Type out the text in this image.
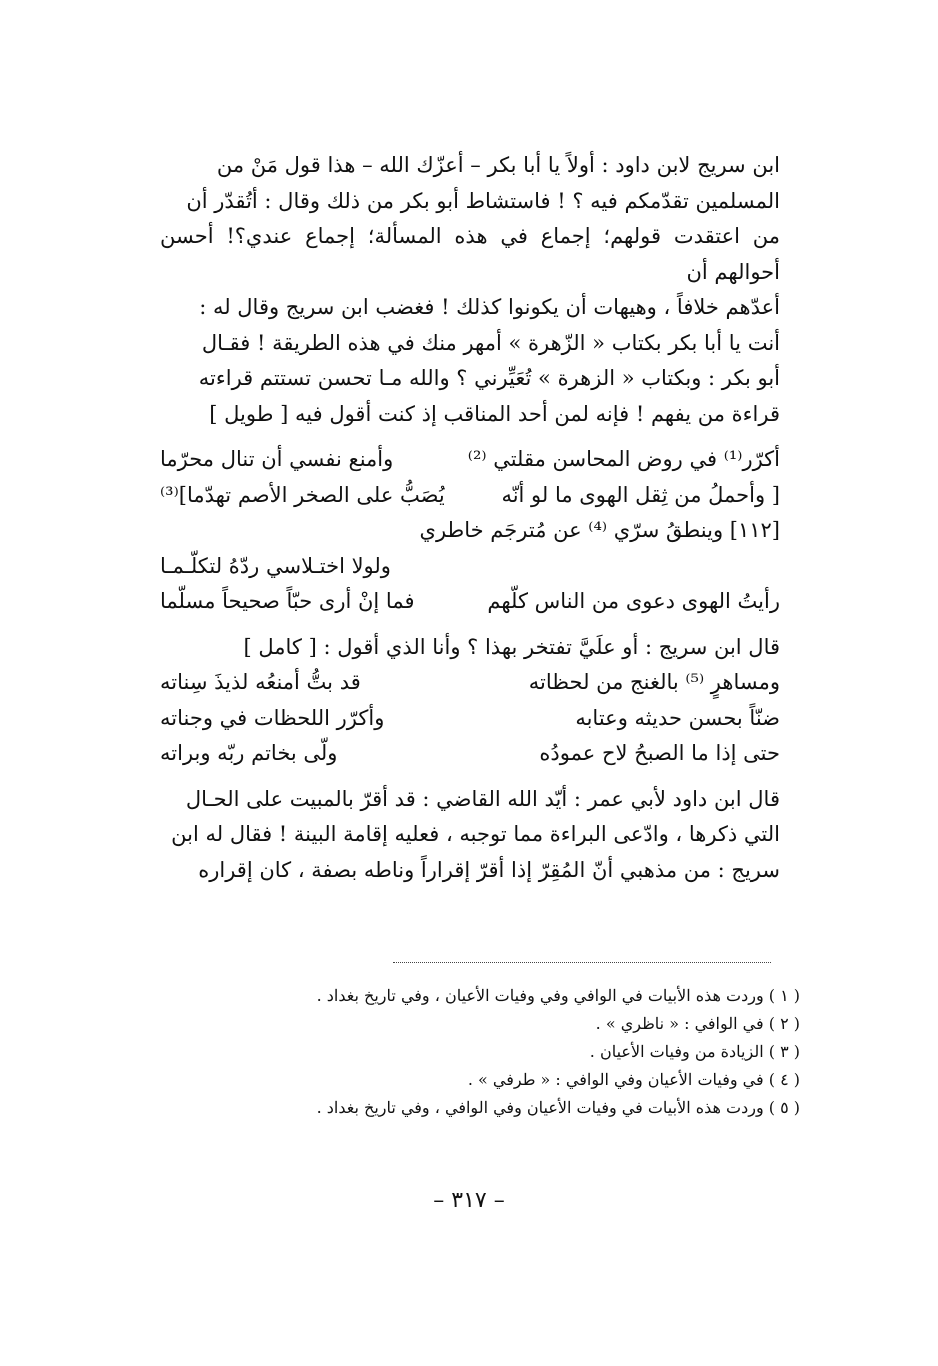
ابن سريج لابن داود : أولاً يا أبا بكر – أعزّك الله – هذا قول مَنْ من

المسلمين تقدّمكم فيه ؟ ! فاستشاط أبو بكر من ذلك وقال : أتُقدّر أن

من اعتقدت قولهم؛ إجماع في هذه المسألة؛ إجماع عندي؟! أحسن أحوالهم أن

أعدّهم خلافاً ، وهيهات أن يكونوا كذلك ! فغضب ابن سريج وقال له :

أنت يا أبا بكر بكتاب « الزّهرة » أمهر منك في هذه الطريقة ! فقـال

أبو بكر : وبكتاب « الزهرة » تُعَيِّرني ؟ والله مـا تحسن تستتم قراءته

قراءة من يفهم ! فإنه لمن أحد المناقب إذ كنت أقول فيه [ طويل ]

أكرّر⁽¹⁾ في روض المحاسن مقلتي ⁽²⁾
وأمنع نفسي أن تنال محرّما
[ وأحملُ من ثِقل الهوى ما لو أنّه
يُصَبُّ على الصخر الأصم تهدّما]⁽³⁾
[١١٢] وينطقُ سرّي ⁽⁴⁾ عن مُترجَم خاطري
ولولا اختـلاسي ردّهُ لتكلّـمـا
رأيتُ الهوى دعوى من الناس كلّهم
فما إنْ أرى حبّاً صحيحاً مسلّما

قال ابن سريج : أو علَيَّ تفتخر بهذا ؟ وأنا الذي أقول : [ كامل ]

ومساهرٍ ⁽⁵⁾ بالغنج من لحظاته
قد بتُّ أمنعُه لذيذَ سِناته
ضنّاً بحسن حديثه وعتابه
وأكرّر اللحظات في وجناته
حتى إذا ما الصبحُ لاح عمودُه
ولّى بخاتم ربّه وبراته

قال ابن داود لأبي عمر : أيّد الله القاضي : قد أقرّ بالمبيت على الحـال

التي ذكرها ، وادّعى البراءة مما توجبه ، فعليه إقامة البينة ! فقال له ابن

سريج : من مذهبي أنّ المُقِرّ إذا أقرّ إقراراً وناطه بصفة ، كان إقراره

( ١ ) وردت هذه الأبيات في الوافي وفي وفيات الأعيان ، وفي تاريخ بغداد .

( ٢ ) في الوافي : « ناظري » .

( ٣ ) الزيادة من وفيات الأعيان .

( ٤ ) في وفيات الأعيان وفي الوافي : « طرفي » .

( ٥ ) وردت هذه الأبيات في وفيات الأعيان وفي الوافي ، وفي تاريخ بغداد .

– ٣١٧ –
